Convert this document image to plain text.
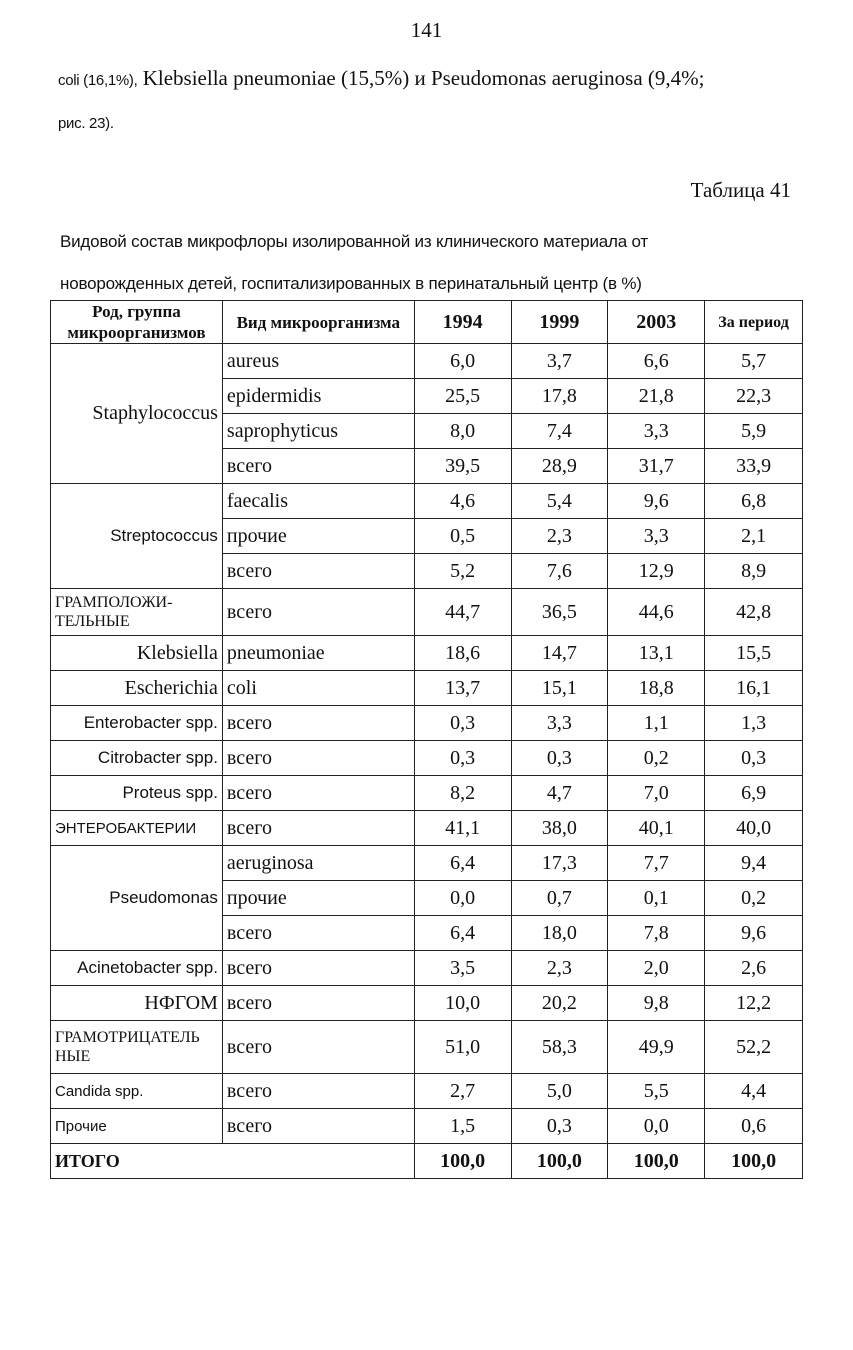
141
coli (16,1%), Klebsiella pneumoniae (15,5%) и Pseudomonas aeruginosa (9,4%;
рис. 23).
Таблица 41
Видовой состав микрофлоры изолированной из клинического материала от
новорожденных детей, госпитализированных в перинатальный центр (в %)
Род, группа микроорганизмов	Вид микроорганизма	1994	1999	2003	За период
Staphylococcus	aureus	6,0	3,7	6,6	5,7
	epidermidis	25,5	17,8	21,8	22,3
	saprophyticus	8,0	7,4	3,3	5,9
	всего	39,5	28,9	31,7	33,9
Streptococcus	faecalis	4,6	5,4	9,6	6,8
	прочие	0,5	2,3	3,3	2,1
	всего	5,2	7,6	12,9	8,9
ГРАМПОЛОЖИ-ТЕЛЬНЫЕ	всего	44,7	36,5	44,6	42,8
Klebsiella	pneumoniae	18,6	14,7	13,1	15,5
Escherichia	coli	13,7	15,1	18,8	16,1
Enterobacter spp.	всего	0,3	3,3	1,1	1,3
Citrobacter spp.	всего	0,3	0,3	0,2	0,3
Proteus spp.	всего	8,2	4,7	7,0	6,9
ЭНТЕРОБАКТЕРИИ	всего	41,1	38,0	40,1	40,0
Pseudomonas	aeruginosa	6,4	17,3	7,7	9,4
	прочие	0,0	0,7	0,1	0,2
	всего	6,4	18,0	7,8	9,6
Acinetobacter spp.	всего	3,5	2,3	2,0	2,6
НФГОМ	всего	10,0	20,2	9,8	12,2
ГРАМОТРИЦАТЕЛЬ НЫЕ	всего	51,0	58,3	49,9	52,2
Candida spp.	всего	2,7	5,0	5,5	4,4
Прочие	всего	1,5	0,3	0,0	0,6
ИТОГО		100,0	100,0	100,0	100,0
